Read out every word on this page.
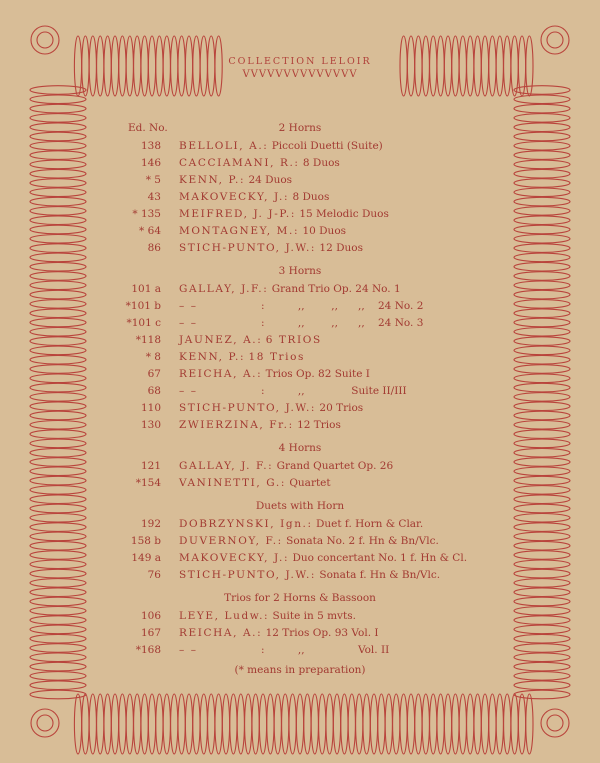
COLLECTION LELOIR
VVVVVVVVVVVVVV
Ed. No.	2 Horns
138 BELLOLI, A.: Piccoli Duetti (Suite)
146 CACCIAMANI, R.: 8 Duos
* 5 KENN, P.: 24 Duos
43 MAKOVECKY, J.: 8 Duos
* 135 MEIFRED, J. J-P.: 15 Melodic Duos
* 64 MONTAGNEY, M.: 10 Duos
86 STICH-PUNTO, J.W.: 12 Duos
3 Horns
101 a GALLAY, J.F.: Grand Trio Op. 24 No. 1
*101 b – –	:          ,,        ,,      ,,    24 No. 2
*101 c – –	:          ,,        ,,      ,,    24 No. 3
*118 JAUNEZ, A.: 6 TRIOS
* 8 KENN, P.: 18 Trios
67 REICHA, A.: Trios Op. 82 Suite I
68 – –	:          ,,              Suite II/III
110 STICH-PUNTO, J.W.: 20 Trios
130 ZWIERZINA, Fr.: 12 Trios
4 Horns
121 GALLAY, J. F.: Grand Quartet Op. 26
*154 VANINETTI, G.: Quartet
Duets with Horn
192 DOBRZYNSKI, Ign.: Duet f. Horn & Clar.
158 b DUVERNOY, F.: Sonata No. 2 f. Hn & Bn/Vlc.
149 a MAKOVECKY, J.: Duo concertant No. 1 f. Hn & Cl.
76 STICH-PUNTO, J.W.: Sonata f. Hn & Bn/Vlc.
Trios for 2 Horns & Bassoon
106 LEYE, Ludw.: Suite in 5 mvts.
167 REICHA, A.: 12 Trios Op. 93 Vol. I
*168 – –	:          ,,                Vol. II
(* means in preparation)
